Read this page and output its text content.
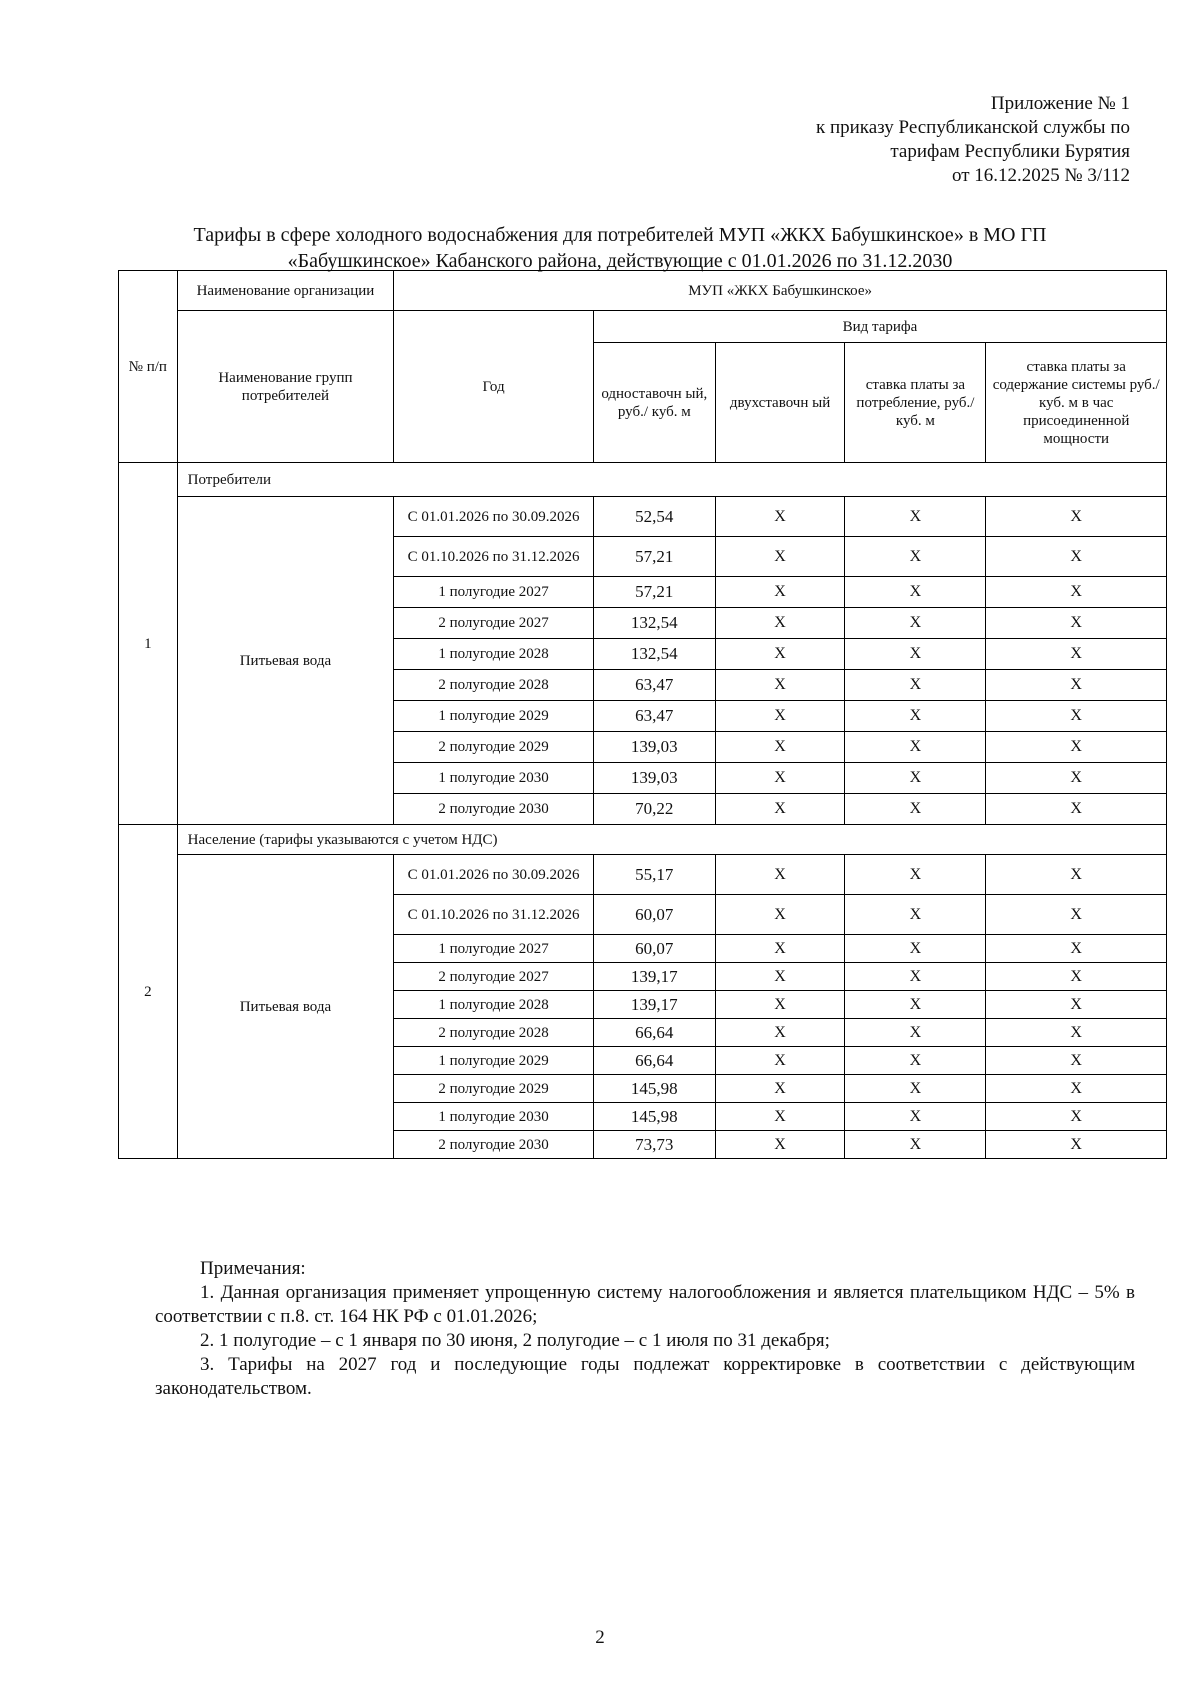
Приложение № 1
к приказу Республиканской службы по
тарифам Республики Бурятия
от 16.12.2025 № 3/112
Тарифы в сфере холодного водоснабжения для потребителей МУП «ЖКХ Бабушкинское» в МО ГП
«Бабушкинское» Кабанского района, действующие с 01.01.2026 по 31.12.2030
№ п/п	Наименование организации	МУП «ЖКХ Бабушкинское»				
	Наименование групп потребителей	Год	Вид тарифа			
			одноставочн ый, руб./ куб. м	двухставочн ый	ставка платы за потребление, руб./ куб. м	ставка платы за содержание системы руб./куб. м в час присоединенной мощности
1	Потребители					
	Питьевая вода	С 01.01.2026 по 30.09.2026	52,54	X	X	X
		С 01.10.2026 по 31.12.2026	57,21	X	X	X
		1 полугодие 2027	57,21	X	X	X
		2 полугодие 2027	132,54	X	X	X
		1 полугодие 2028	132,54	X	X	X
		2 полугодие 2028	63,47	X	X	X
		1 полугодие 2029	63,47	X	X	X
		2 полугодие 2029	139,03	X	X	X
		1 полугодие 2030	139,03	X	X	X
		2 полугодие 2030	70,22	X	X	X
2	Население (тарифы указываются с учетом НДС)					
	Питьевая вода	С 01.01.2026 по 30.09.2026	55,17	X	X	X
		С 01.10.2026 по 31.12.2026	60,07	X	X	X
		1 полугодие 2027	60,07	X	X	X
		2 полугодие 2027	139,17	X	X	X
		1 полугодие 2028	139,17	X	X	X
		2 полугодие 2028	66,64	X	X	X
		1 полугодие 2029	66,64	X	X	X
		2 полугодие 2029	145,98	X	X	X
		1 полугодие 2030	145,98	X	X	X
		2 полугодие 2030	73,73	X	X	X

Примечания:

1. Данная организация применяет упрощенную систему налогообложения и является плательщиком НДС – 5% в соответствии с п.8. ст. 164 НК РФ с 01.01.2026;

2. 1 полугодие – с 1 января по 30 июня, 2 полугодие – с 1 июля по 31 декабря;

3. Тарифы на 2027 год и последующие годы подлежат корректировке в соответствии с действующим законодательством.

2
